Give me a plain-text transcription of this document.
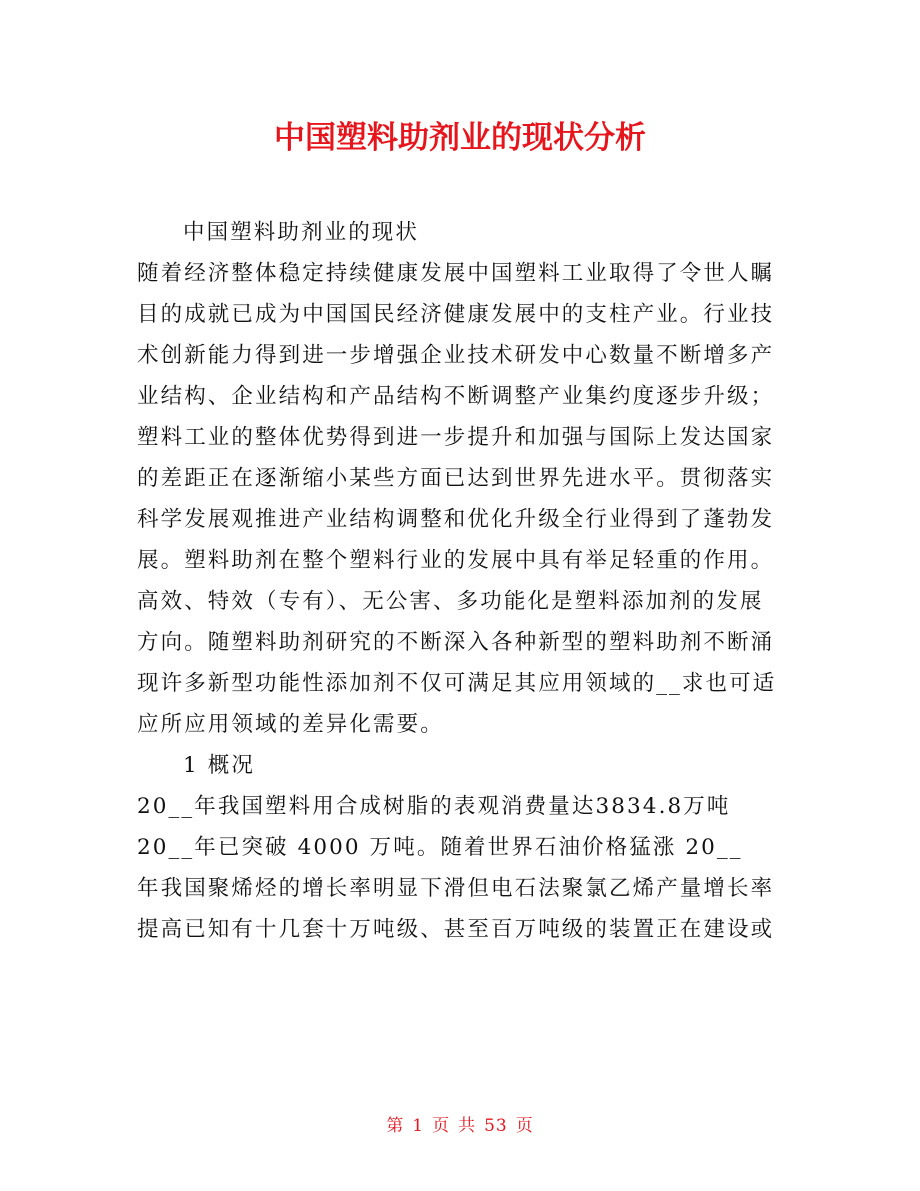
中国塑料助剂业的现状分析
中国塑料助剂业的现状
随着经济整体稳定持续健康发展中国塑料工业取得了令世人瞩
目的成就已成为中国国民经济健康发展中的支柱产业。行业技
术创新能力得到进一步增强企业技术研发中心数量不断增多产
业结构、企业结构和产品结构不断调整产业集约度逐步升级；
塑料工业的整体优势得到进一步提升和加强与国际上发达国家
的差距正在逐渐缩小某些方面已达到世界先进水平。贯彻落实
科学发展观推进产业结构调整和优化升级全行业得到了蓬勃发
展。塑料助剂在整个塑料行业的发展中具有举足轻重的作用。
高效、特效（专有）、无公害、多功能化是塑料添加剂的发展
方向。随塑料助剂研究的不断深入各种新型的塑料助剂不断涌
现许多新型功能性添加剂不仅可满足其应用领域的__求也可适
应所应用领域的差异化需要。
1 概况
20__年我国塑料用合成树脂的表观消费量达3834.8万吨
20__年已突破 4000 万吨。随着世界石油价格猛涨 20__
年我国聚烯烃的增长率明显下滑但电石法聚氯乙烯产量增长率
提高已知有十几套十万吨级、甚至百万吨级的装置正在建设或
第 1 页 共 53 页
